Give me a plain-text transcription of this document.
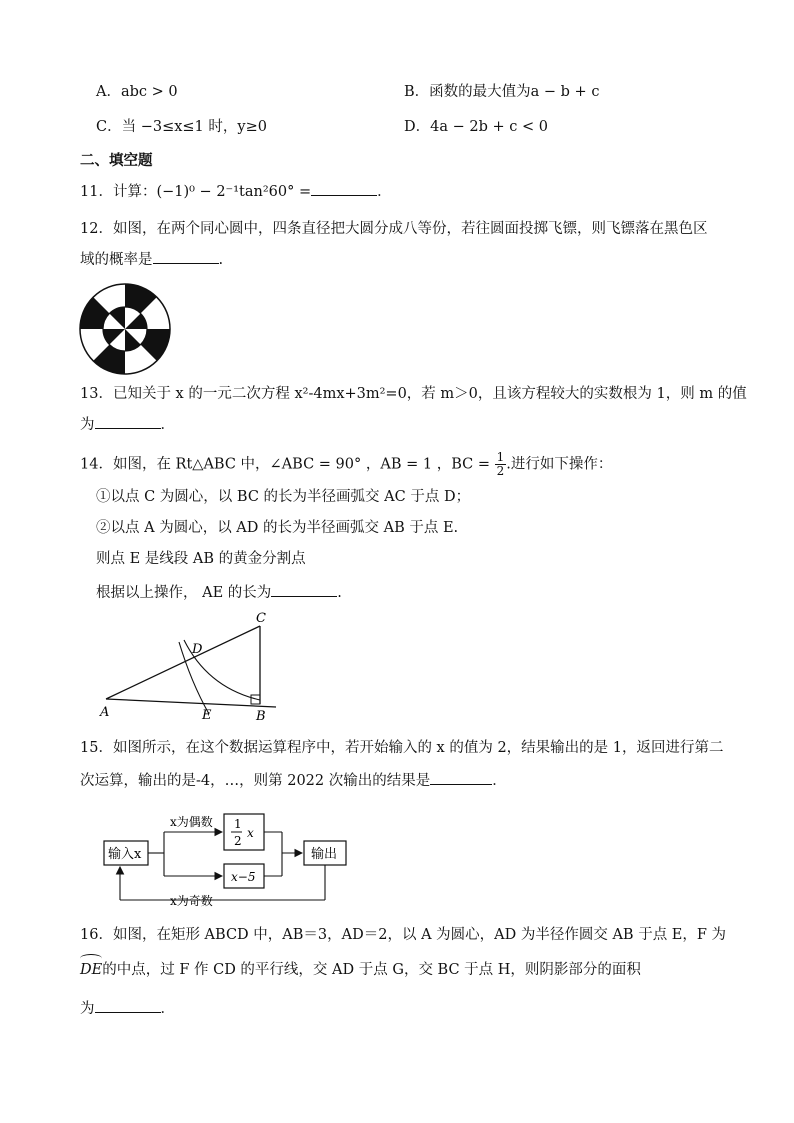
A．abc > 0	B．函数的最大值为a − b + c
C．当 −3≤x≤1 时，y≥0	D．4a − 2b + c < 0
二、填空题
11．计算：(−1)⁰ − 2⁻¹tan²60° =	．
12．如图，在两个同心圆中，四条直径把大圆分成八等份，若往圆面投掷飞镖，则飞镖落在黑色区
域的概率是	.
13．已知关于 x 的一元二次方程 x²-4mx+3m²=0，若 m＞0，且该方程较大的实数根为 1，则 m 的值
为	．
14．如图，在 Rt△ABC 中，∠ABC = 90° ，AB = 1 ，BC = $\frac{1}{2}$ .进行如下操作：
①以点 C 为圆心，以 BC 的长为半径画弧交 AC 于点 D；
②以点 A 为圆心，以 AD 的长为半径画弧交 AB 于点 E.
则点 E 是线段 AB 的黄金分割点
根据以上操作， AE 的长为	.
C
D
A	E	B
15．如图所示，在这个数据运算程序中，若开始输入的 x 的值为 2，结果输出的是 1，返回进行第二
次运算，输出的是-4，…，则第 2022 次输出的结果是	．
输入x
1
2
x
x−5
输出
x为偶数
x为奇数
16．如图，在矩形 ABCD 中，AB＝3，AD＝2，以 A 为圆心，AD 为半径作圆交 AB 于点 E，F 为
DE的中点，过 F 作 CD 的平行线，交 AD 于点 G，交 BC 于点 H，则阴影部分的面积
为	．
